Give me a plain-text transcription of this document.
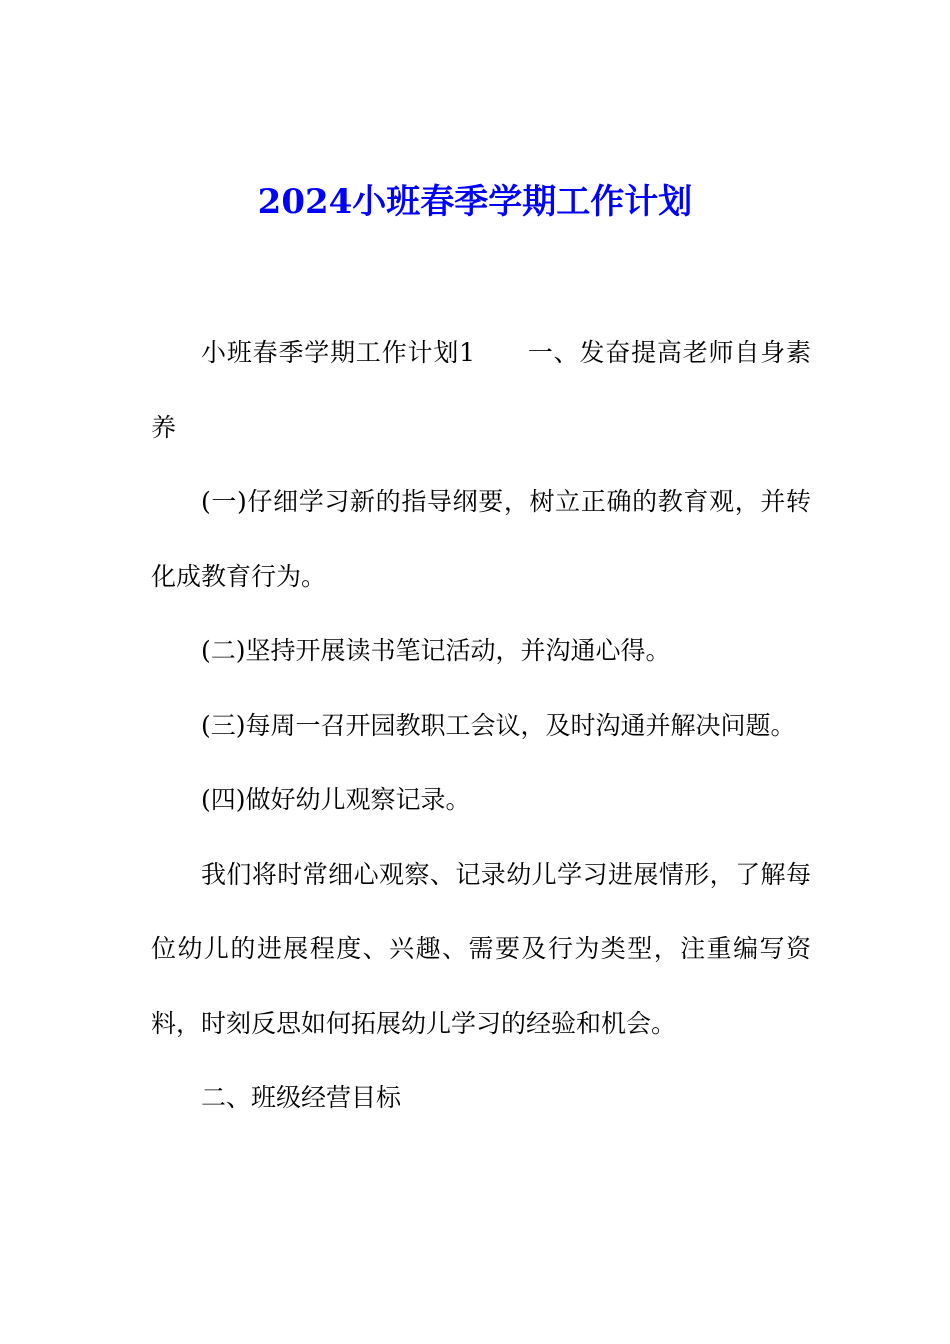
2024小班春季学期工作计划

小班春季学期工作计划1 一、发奋提高老师自身素养

(一)仔细学习新的指导纲要，树立正确的教育观，并转化成教育行为。

(二)坚持开展读书笔记活动，并沟通心得。

(三)每周一召开园教职工会议，及时沟通并解决问题。

(四)做好幼儿观察记录。

我们将时常细心观察、记录幼儿学习进展情形，了解每位幼儿的进展程度、兴趣、需要及行为类型，注重编写资料，时刻反思如何拓展幼儿学习的经验和机会。

二、班级经营目标
